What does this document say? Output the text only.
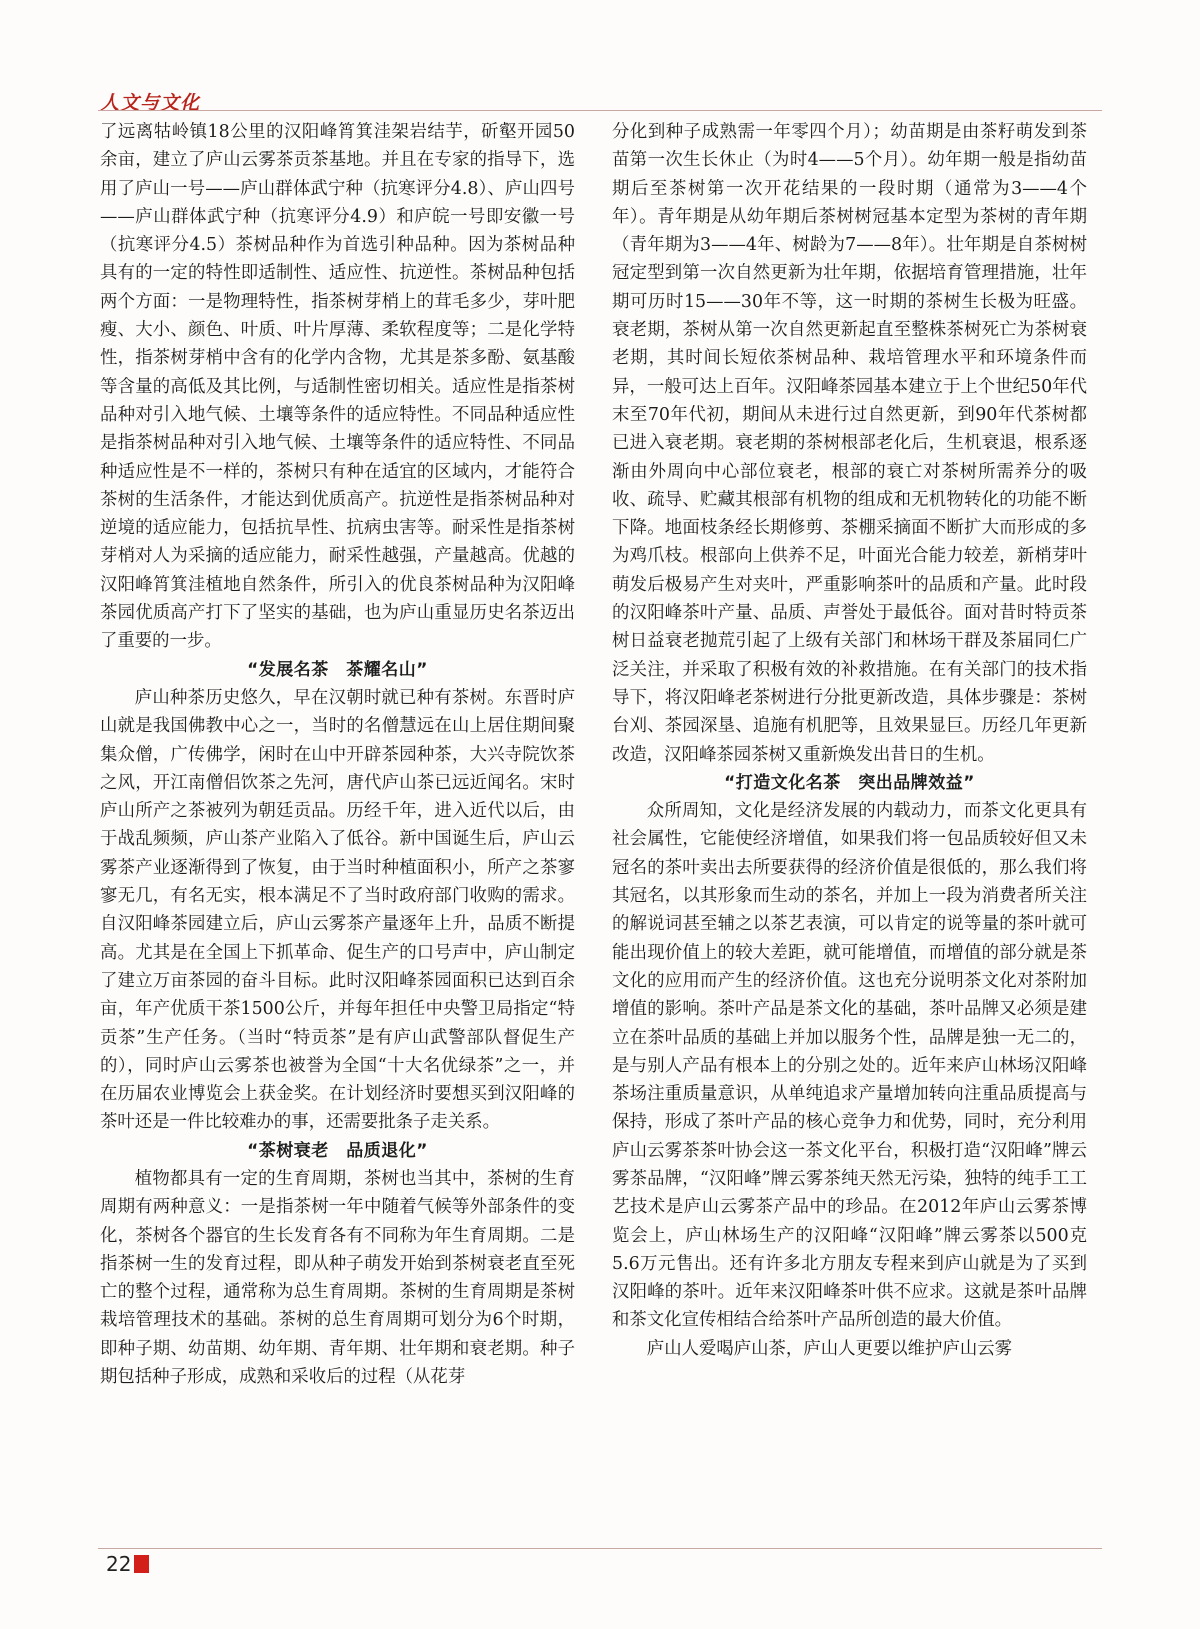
人文与文化

了远离牯岭镇18公里的汉阳峰筲箕洼架岩结芋，斫壑开园50余亩，建立了庐山云雾茶贡茶基地。并且在专家的指导下，选用了庐山一号——庐山群体武宁种（抗寒评分4.8）、庐山四号——庐山群体武宁种（抗寒评分4.9）和庐皖一号即安徽一号（抗寒评分4.5）茶树品种作为首选引种品种。因为茶树品种具有的一定的特性即适制性、适应性、抗逆性。茶树品种包括两个方面：一是物理特性，指茶树芽梢上的茸毛多少，芽叶肥瘦、大小、颜色、叶质、叶片厚薄、柔软程度等；二是化学特性，指茶树芽梢中含有的化学内含物，尤其是茶多酚、氨基酸等含量的高低及其比例，与适制性密切相关。适应性是指茶树品种对引入地气候、土壤等条件的适应特性。不同品种适应性是指茶树品种对引入地气候、土壤等条件的适应特性、不同品种适应性是不一样的，茶树只有种在适宜的区域内，才能符合茶树的生活条件，才能达到优质高产。抗逆性是指茶树品种对逆境的适应能力，包括抗旱性、抗病虫害等。耐采性是指茶树芽梢对人为采摘的适应能力，耐采性越强，产量越高。优越的汉阳峰筲箕洼植地自然条件，所引入的优良茶树品种为汉阳峰茶园优质高产打下了坚实的基础，也为庐山重显历史名茶迈出了重要的一步。

“发展名茶　茶耀名山”

庐山种茶历史悠久，早在汉朝时就已种有茶树。东晋时庐山就是我国佛教中心之一，当时的名僧慧远在山上居住期间聚集众僧，广传佛学，闲时在山中开辟茶园种茶，大兴寺院饮茶之风，开江南僧侣饮茶之先河，唐代庐山茶已远近闻名。宋时庐山所产之茶被列为朝廷贡品。历经千年，进入近代以后，由于战乱频频，庐山茶产业陷入了低谷。新中国诞生后，庐山云雾茶产业逐渐得到了恢复，由于当时种植面积小，所产之茶寥寥无几，有名无实，根本满足不了当时政府部门收购的需求。自汉阳峰茶园建立后，庐山云雾茶产量逐年上升，品质不断提高。尤其是在全国上下抓革命、促生产的口号声中，庐山制定了建立万亩茶园的奋斗目标。此时汉阳峰茶园面积已达到百余亩，年产优质干茶1500公斤，并每年担任中央警卫局指定“特贡茶”生产任务。（当时“特贡茶”是有庐山武警部队督促生产的），同时庐山云雾茶也被誉为全国“十大名优绿茶”之一，并在历届农业博览会上获金奖。在计划经济时要想买到汉阳峰的茶叶还是一件比较难办的事，还需要批条子走关系。

“茶树衰老　品质退化”

植物都具有一定的生育周期，茶树也当其中，茶树的生育周期有两种意义：一是指茶树一年中随着气候等外部条件的变化，茶树各个器官的生长发育各有不同称为年生育周期。二是指茶树一生的发育过程，即从种子萌发开始到茶树衰老直至死亡的整个过程，通常称为总生育周期。茶树的生育周期是茶树栽培管理技术的基础。茶树的总生育周期可划分为6个时期，即种子期、幼苗期、幼年期、青年期、壮年期和衰老期。种子期包括种子形成，成熟和采收后的过程（从花芽

分化到种子成熟需一年零四个月）；幼苗期是由茶籽萌发到茶苗第一次生长休止（为时4——5个月）。幼年期一般是指幼苗期后至茶树第一次开花结果的一段时期（通常为3——4个年）。青年期是从幼年期后茶树树冠基本定型为茶树的青年期（青年期为3——4年、树龄为7——8年）。壮年期是自茶树树冠定型到第一次自然更新为壮年期，依据培育管理措施，壮年期可历时15——30年不等，这一时期的茶树生长极为旺盛。衰老期，茶树从第一次自然更新起直至整株茶树死亡为茶树衰老期，其时间长短依茶树品种、栽培管理水平和环境条件而异，一般可达上百年。汉阳峰茶园基本建立于上个世纪50年代末至70年代初，期间从未进行过自然更新，到90年代茶树都已进入衰老期。衰老期的茶树根部老化后，生机衰退，根系逐渐由外周向中心部位衰老，根部的衰亡对茶树所需养分的吸收、疏导、贮藏其根部有机物的组成和无机物转化的功能不断下降。地面枝条经长期修剪、茶棚采摘面不断扩大而形成的多为鸡爪枝。根部向上供养不足，叶面光合能力较差，新梢芽叶萌发后极易产生对夹叶，严重影响茶叶的品质和产量。此时段的汉阳峰茶叶产量、品质、声誉处于最低谷。面对昔时特贡茶树日益衰老抛荒引起了上级有关部门和林场干群及茶届同仁广泛关注，并采取了积极有效的补救措施。在有关部门的技术指导下，将汉阳峰老茶树进行分批更新改造，具体步骤是：茶树台刈、茶园深垦、追施有机肥等，且效果显巨。历经几年更新改造，汉阳峰茶园茶树又重新焕发出昔日的生机。

“打造文化名茶　突出品牌效益”

众所周知，文化是经济发展的内载动力，而茶文化更具有社会属性，它能使经济增值，如果我们将一包品质较好但又未冠名的茶叶卖出去所要获得的经济价值是很低的，那么我们将其冠名，以其形象而生动的茶名，并加上一段为消费者所关注的解说词甚至辅之以茶艺表演，可以肯定的说等量的茶叶就可能出现价值上的较大差距，就可能增值，而增值的部分就是茶文化的应用而产生的经济价值。这也充分说明茶文化对茶附加增值的影响。茶叶产品是茶文化的基础，茶叶品牌又必须是建立在茶叶品质的基础上并加以服务个性，品牌是独一无二的，是与别人产品有根本上的分别之处的。近年来庐山林场汉阳峰茶场注重质量意识，从单纯追求产量增加转向注重品质提高与保持，形成了茶叶产品的核心竞争力和优势，同时，充分利用庐山云雾茶茶叶协会这一茶文化平台，积极打造“汉阳峰”牌云雾茶品牌，“汉阳峰”牌云雾茶纯天然无污染，独特的纯手工工艺技术是庐山云雾茶产品中的珍品。在2012年庐山云雾茶博览会上，庐山林场生产的汉阳峰“汉阳峰”牌云雾茶以500克5.6万元售出。还有许多北方朋友专程来到庐山就是为了买到汉阳峰的茶叶。近年来汉阳峰茶叶供不应求。这就是茶叶品牌和茶文化宣传相结合给茶叶产品所创造的最大价值。

庐山人爱喝庐山茶，庐山人更要以维护庐山云雾

22
